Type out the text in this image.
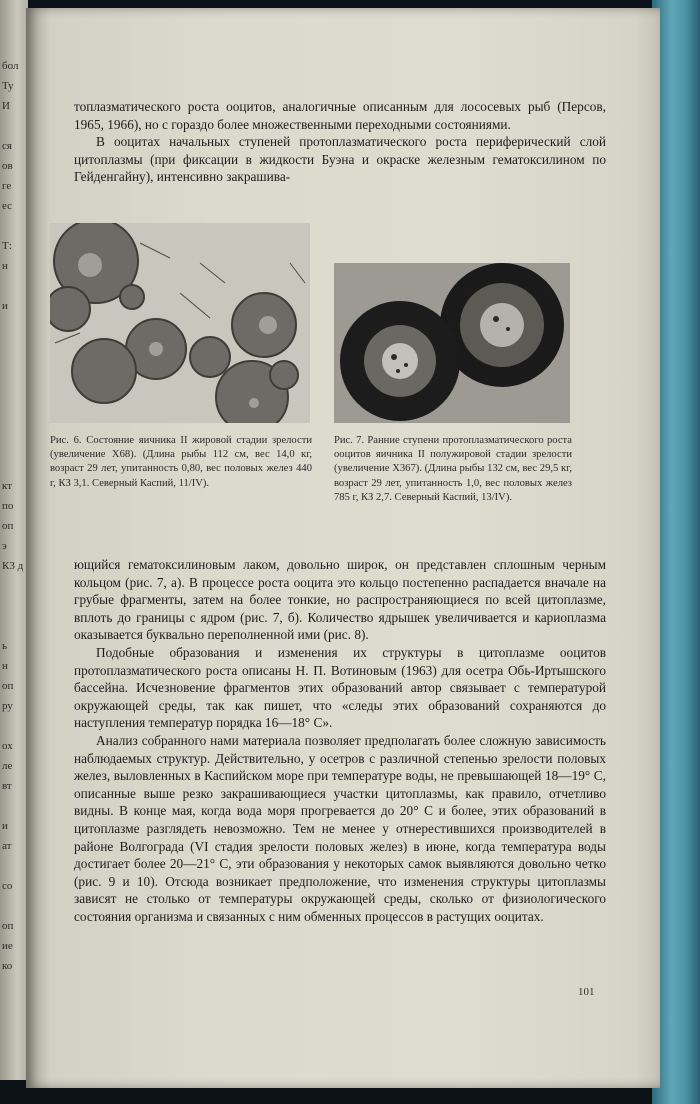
бол
Ту
И
ся
ов
ге
ес
Т:
н
и
кт
по
оп
э
К3 д
ь
н
оп
ру
ох
ле
вт
и
ат
со
оп
ие
ко

топлазматического роста ооцитов, аналогичные описанным для лососевых рыб (Персов, 1965, 1966), но с гораздо более множественными переходными состояниями.

В ооцитах начальных ступеней протоплазматического роста периферический слой цитоплазмы (при фиксации в жидкости Буэна и окраске железным гематоксилином по Гейденгайну), интенсивно закрашива-

Рис. 6. Состояние яичника II жировой стадии зрелости (увеличение Х68). (Длина рыбы 112 см, вес 14,0 кг, возраст 29 лет, упитанность 0,80, вес половых желез 440 г, КЗ 3,1. Северный Каспий, 11/IV).
Рис. 7. Ранние ступени протоплазматического роста ооцитов яичника II полужировой стадии зрелости (увеличение Х367). (Длина рыбы 132 см, вес 29,5 кг, возраст 29 лет, упитанность 1,0, вес половых желез 785 г, КЗ 2,7. Северный Каспий, 13/IV).

ющийся гематоксилиновым лаком, довольно широк, он представлен сплошным черным кольцом (рис. 7, а). В процессе роста ооцита это кольцо постепенно распадается вначале на грубые фрагменты, затем на более тонкие, но распространяющиеся по всей цитоплазме, вплоть до границы с ядром (рис. 7, б). Количество ядрышек увеличивается и кариоплазма оказывается буквально переполненной ими (рис. 8).

Подобные образования и изменения их структуры в цитоплазме ооцитов протоплазматического роста описаны Н. П. Вотиновым (1963) для осетра Обь-Иртышского бассейна. Исчезновение фрагментов этих образований автор связывает с температурой окружающей среды, так как пишет, что «следы этих образований сохраняются до наступления температур порядка 16—18° С».

Анализ собранного нами материала позволяет предполагать более сложную зависимость наблюдаемых структур. Действительно, у осетров с различной степенью зрелости половых желез, выловленных в Каспийском море при температуре воды, не превышающей 18—19° С, описанные выше резко закрашивающиеся участки цитоплазмы, как правило, отчетливо видны. В конце мая, когда вода моря прогревается до 20° С и более, этих образований в цитоплазме разглядеть невозможно. Тем не менее у отнерестившихся производителей в районе Волгограда (VI стадия зрелости половых желез) в июне, когда температура воды достигает более 20—21° С, эти образования у некоторых самок выявляются довольно четко (рис. 9 и 10). Отсюда возникает предположение, что изменения структуры цитоплазмы зависят не столько от температуры окружающей среды, сколько от физиологического состояния организма и связанных с ним обменных процессов в растущих ооцитах.

101
